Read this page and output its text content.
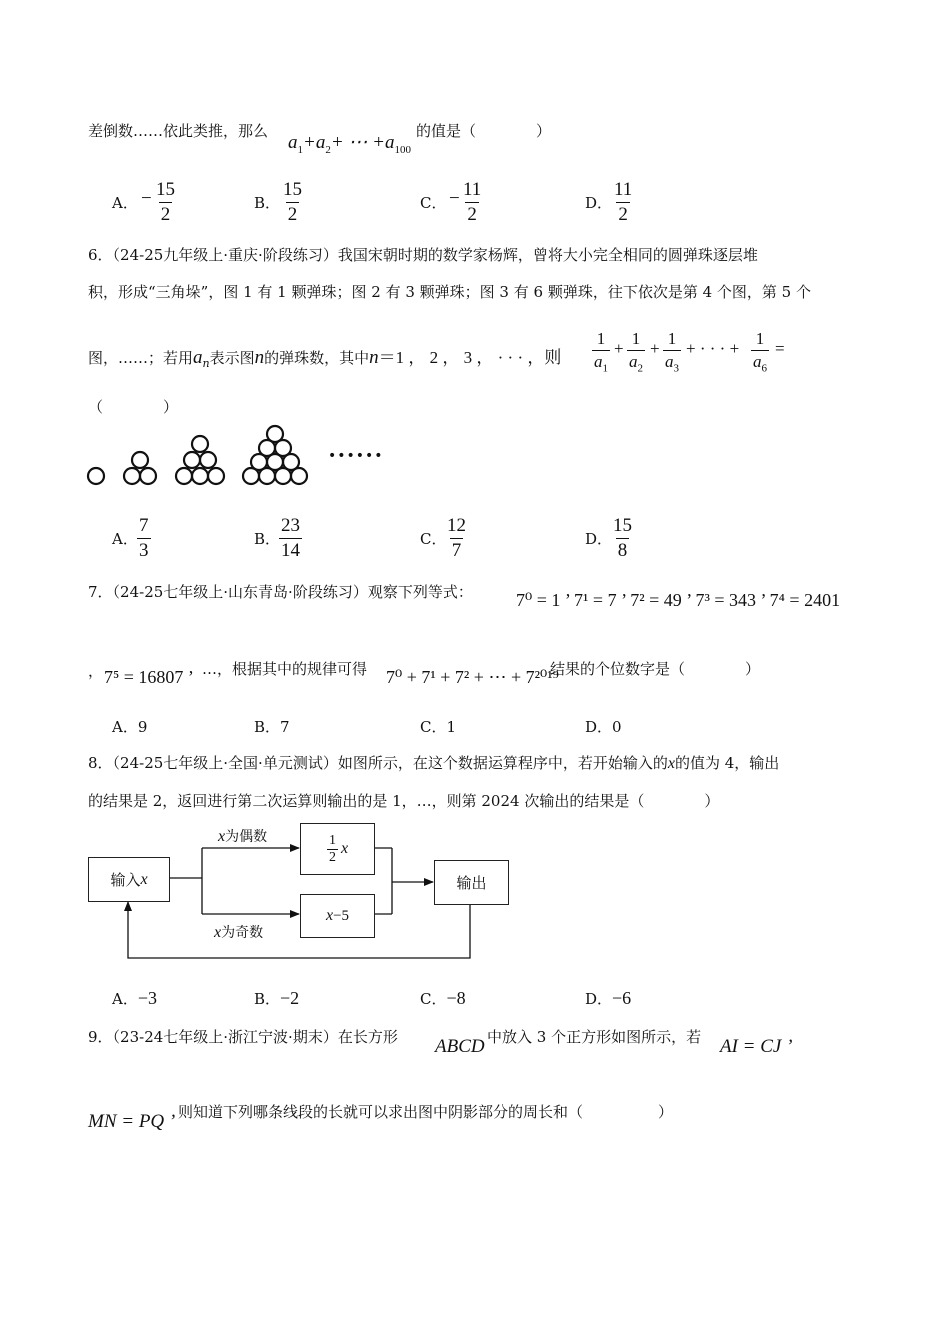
差倒数……依此类推，那么
$a_1+a_2+$ ⋯ $+a_{100}$
的值是（　　　　）
A． − $\frac{15}{2}$	B． $\frac{15}{2}$	C． − $\frac{11}{2}$	D． $\frac{11}{2}$
6．（24-25九年级上·重庆·阶段练习）我国宋朝时期的数学家杨辉，曾将大小完全相同的圆弹珠逐层堆
积，形成“三角垛”，图 1 有 1 颗弹珠；图 2 有 3 颗弹珠；图 3 有 6 颗弹珠，往下依次是第 4 个图，第 5 个
图，……；若用$a_n$表示图n的弹珠数，其中n＝1 ， 2 ， 3 ， · · · ，则 $\frac{1}{a_1} + \frac{1}{a_2} + \frac{1}{a_3}$ + · · · + $\frac{1}{a_6}$ =
（　　　　）
••••••
A． $\frac{7}{3}$	B．
$\frac{23}{14}$	C．
$\frac{12}{7}$	D．
$\frac{15}{8}$
7．（24-25七年级上·山东青岛·阶段练习）观察下列等式： 7⁰ = 1 ’ 7¹ = 7 ’ 7² = 49 ’ 7³ = 343 ’ 7⁴ = 2401
， 7⁵ = 16807 ’ …，根据其中的规律可得 7⁰ + 7¹ + 7² + ⋯ + 7²⁰¹⁹
结果的个位数字是（　　　　）
A．9	B．7	C．1	D．0
8．（24-25七年级上·全国·单元测试）如图所示，在这个数据运算程序中，若开始输入的x的值为 4，输出
的结果是 2，返回进行第二次运算则输出的是 1，…，则第 2024 次输出的结果是（　　　　）
输入 x
x为偶数
x为奇数
1
2 x
x −5
输出
A．−3	B．−2	C．−8	D．−6
9．（23-24七年级上·浙江宁波·期末）在长方形 ABCD 中放入 3 个正方形如图所示，若 AI = CJ ’
MN = PQ ’ 则知道下列哪条线段的长就可以求出图中阴影部分的周长和（　　　　　）
